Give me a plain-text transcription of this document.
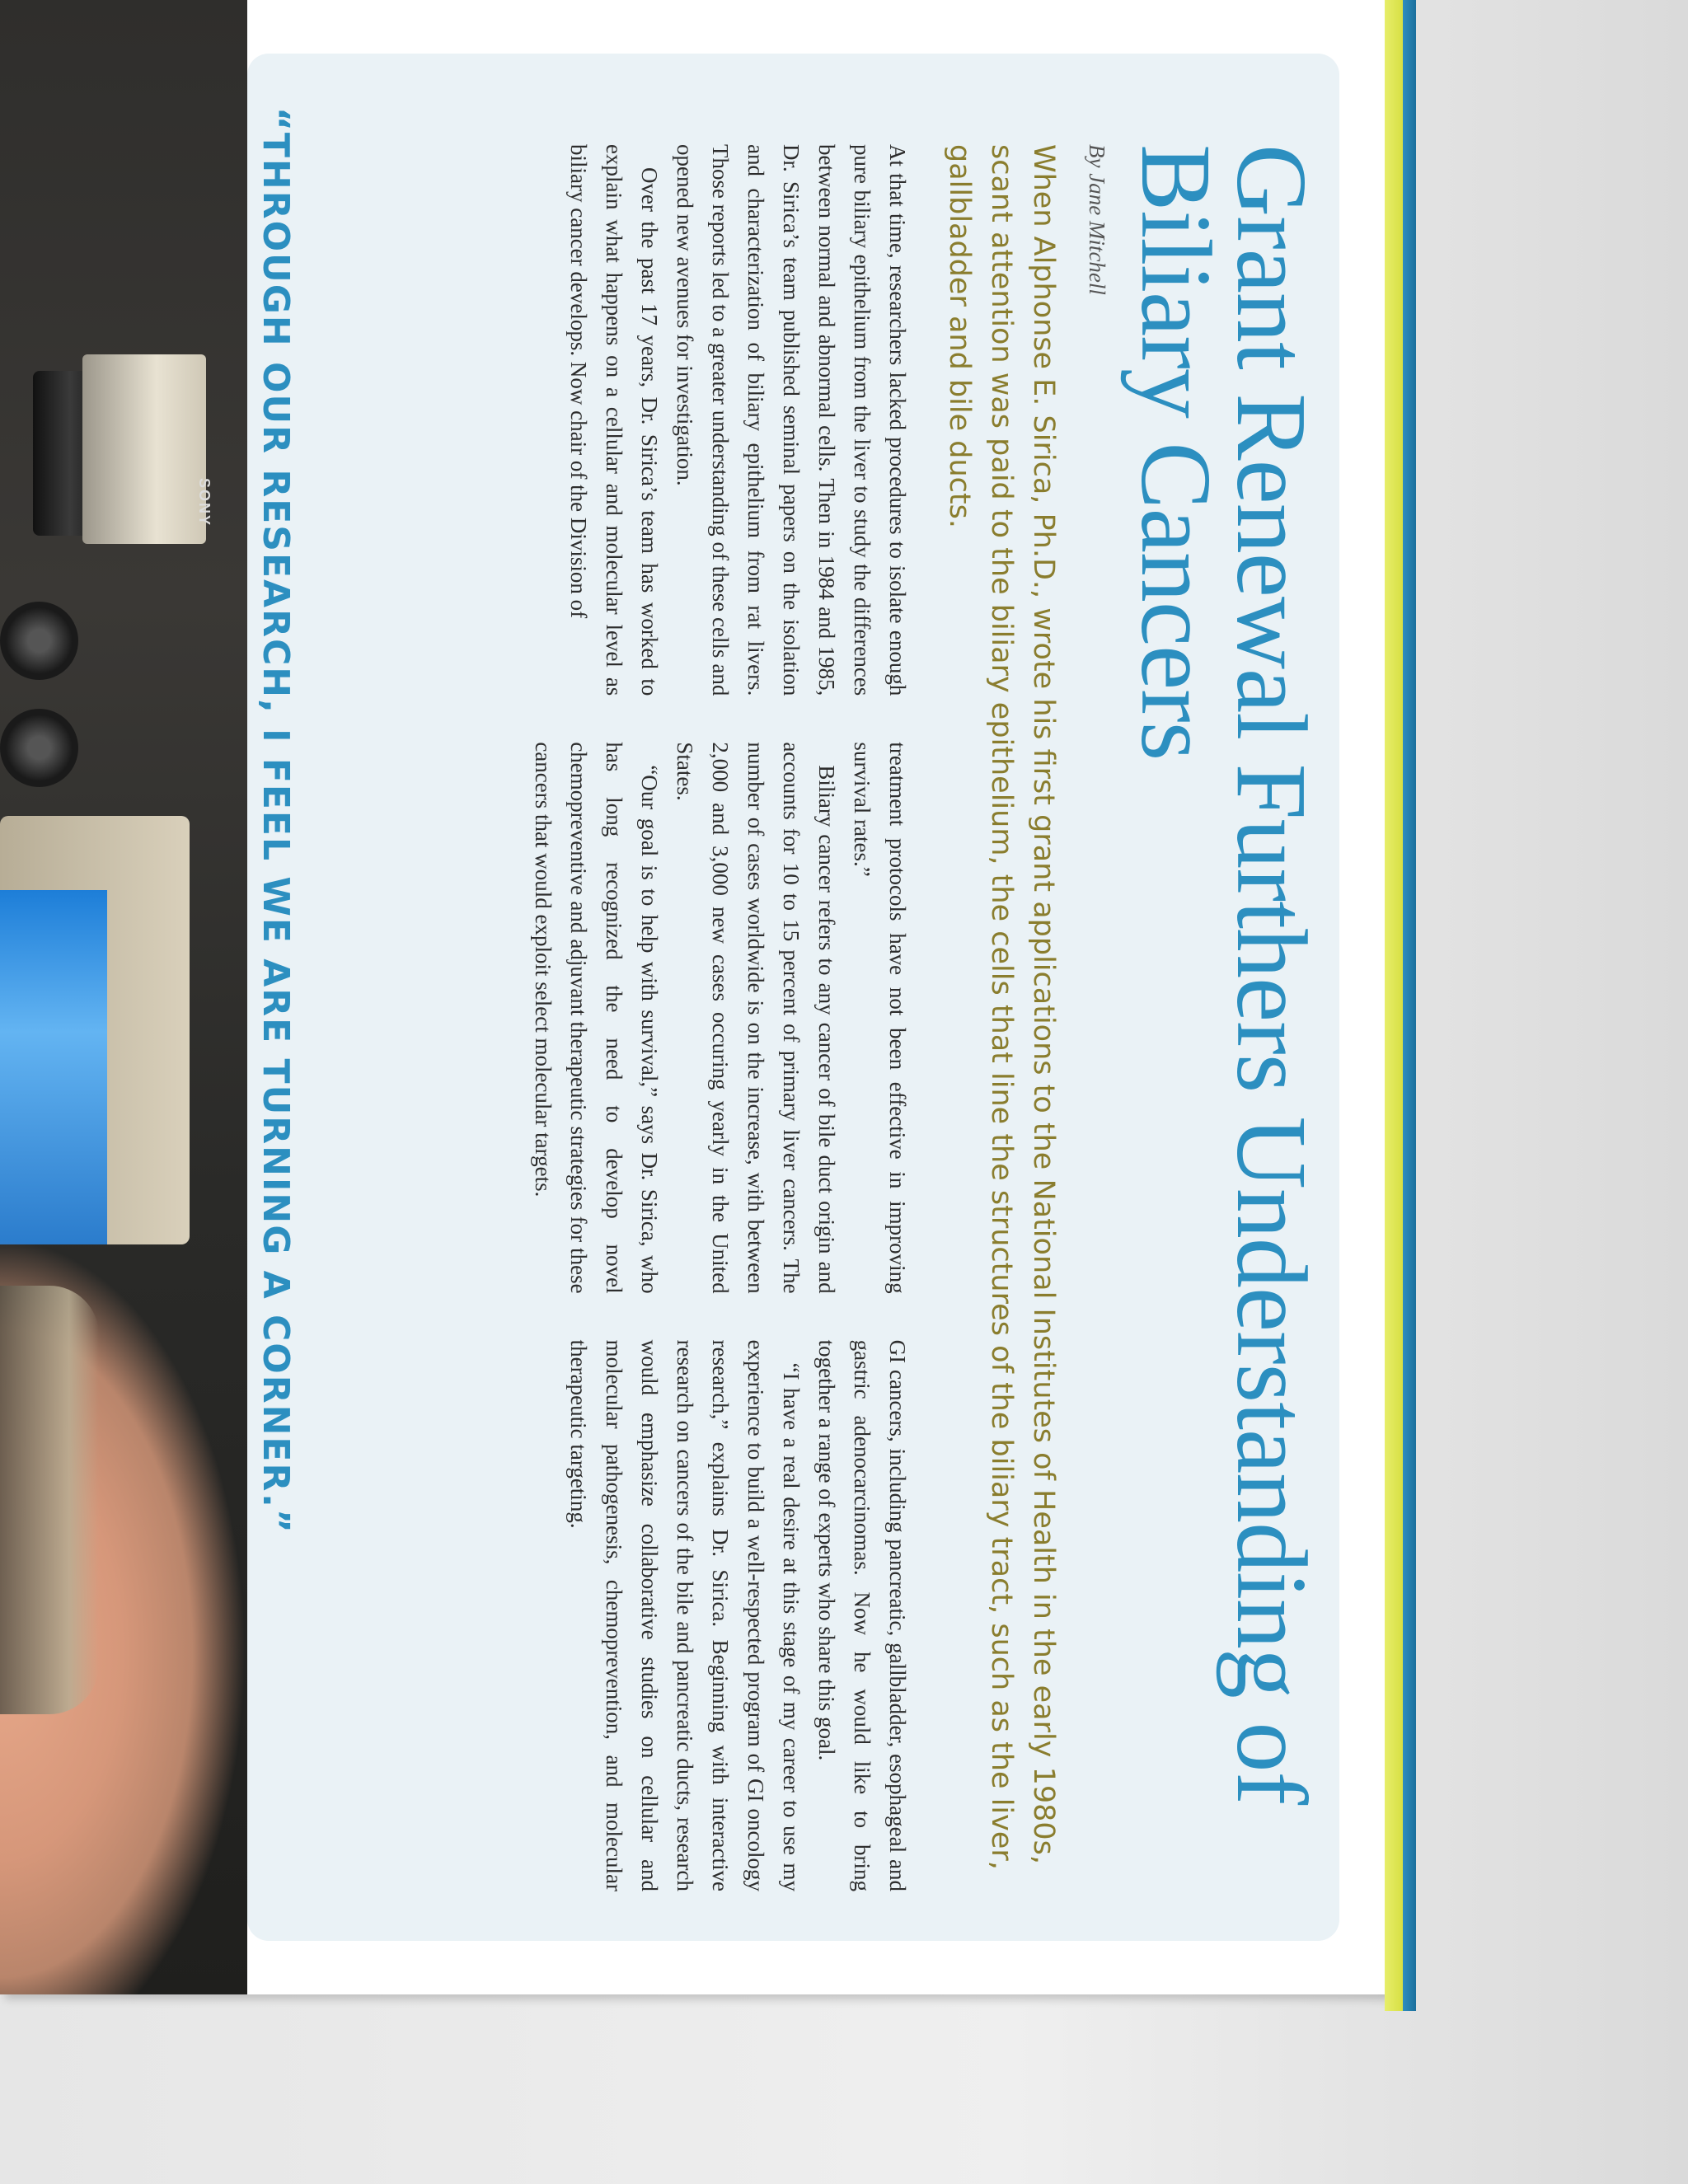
SONY	Grant Renewal Furthers Understanding of Biliary Cancers
By Jane Mitchell
When Alphonse E. Sirica, Ph.D., wrote his first grant applications to the National Institutes of Health in the early 1980s, scant attention was paid to the biliary epithelium, the cells that line the structures of the biliary tract, such as the liver, gallbladder and bile ducts.

At that time, researchers lacked procedures to isolate enough pure biliary epithelium from the liver to study the differences between normal and abnormal cells. Then in 1984 and 1985, Dr. Sirica’s team published seminal papers on the isolation and characterization of biliary epithelium from rat livers. Those reports led to a greater understanding of these cells and opened new avenues for investigation.

Over the past 17 years, Dr. Sirica’s team has worked to explain what happens on a cellular and molecular level as biliary cancer develops. Now chair of the Division of

treatment protocols have not been effective in improving survival rates.”

Biliary cancer refers to any cancer of bile duct origin and accounts for 10 to 15 percent of primary liver cancers. The number of cases worldwide is on the increase, with between 2,000 and 3,000 new cases occuring yearly in the United States.

“Our goal is to help with survival,” says Dr. Sirica, who has long recognized the need to develop novel chemopreventive and adjuvant therapeutic strategies for these cancers that would exploit select molecular targets.

GI cancers, including pancreatic, gallbladder, esophageal and gastric adenocarcinomas. Now he would like to bring together a range of experts who share this goal.

“I have a real desire at this stage of my career to use my experience to build a well-respected program of GI oncology research,” explains Dr. Sirica. Beginning with interactive research on cancers of the bile and pancreatic ducts, research would emphasize collaborative studies on cellular and molecular pathogenesis, chemoprevention, and molecular therapeutic targeting.

“THROUGH OUR RESEARCH, I FEEL WE ARE TURNING A CORNER.”
